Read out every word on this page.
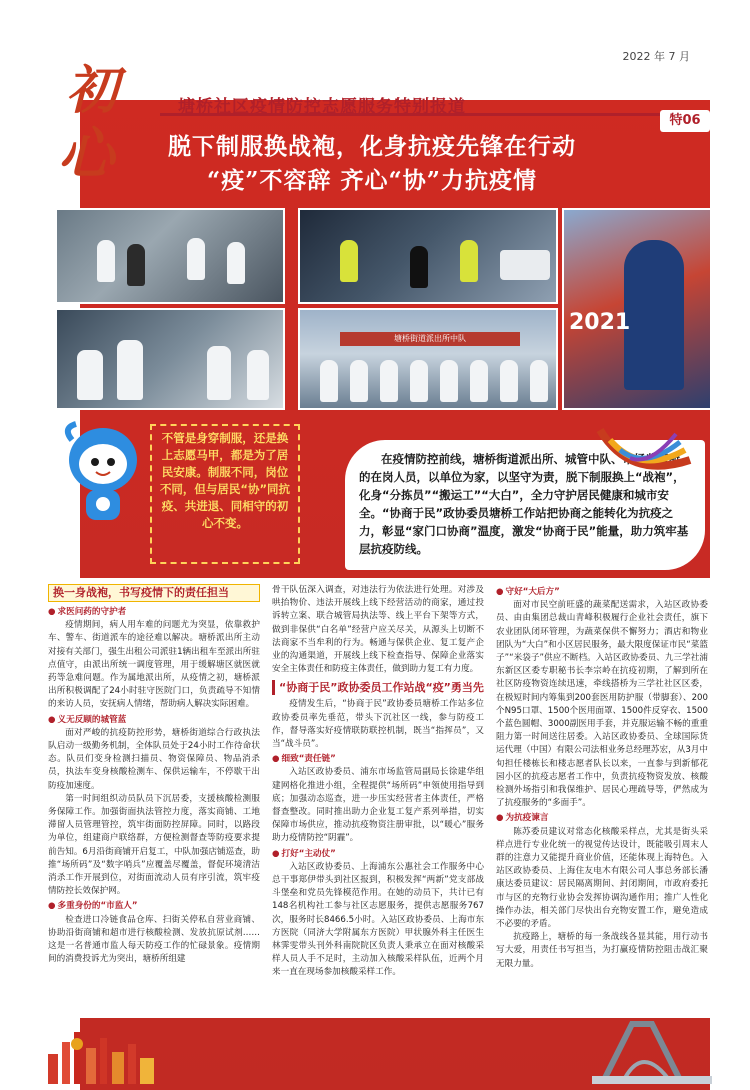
2022 年 7 月
初
心
塘桥社区疫情防控志愿服务特别报道
特06
脱下制服换战袍，化身抗疫先锋在行动
“疫”不容辞 齐心“协”力抗疫情
塘桥街道派出所中队
2021
不管是身穿制服，还是换上志愿马甲，都是为了居民安康。制服不同，岗位不同，但与居民“协”同抗疫、共进退、同相守的初心不变。
在疫情防控前线，塘桥街道派出所、城管中队、市场监管所的在岗人员，以单位为家，以坚守为责，脱下制服换上“战袍”，化身“分拣员”“搬运工”“大白”，全力守护居民健康和城市安全。“协商于民”政协委员塘桥工作站把协商之能转化为抗疫之力，彰显“家门口协商”温度，激发“协商于民”能量，助力筑牢基层抗疫防线。
换一身战袍，书写疫情下的责任担当
● 求医问药的守护者
疫情期间，病人用车难的问题尤为突显，依靠救护车、警车、街道派车的途径难以解决。塘桥派出所主动对接有关部门，强生出租公司派驻1辆出租车至派出所驻点值守，由派出所统一调度管理，用于缓解塘区就医就药等急难问题。作为属地派出所，从疫情之初，塘桥派出所积极调配了24小时驻守医院门口，负责疏导不知情的来访人员，安抚病人情绪，帮助病人解决实际困难。
● 义无反顾的城管蓝
面对严峻的抗疫防控形势，塘桥街道综合行政执法队启动一级勤务机制，全体队员处于24小时工作待命状态。队员们变身检测扫描员、物资保障员、物品消杀员，执法车变身核酸检测车、保供运输车，不停歇干出防疫加速度。
第一时间组织动员队员下沉居委，支援核酸检测服务保障工作。加强街面执法管控力度，落实商铺、工地滞留人员管理管控，筑牢街面防控屏障。同时，以路段为单位，组建商户联络群，方便检测督查等防疫要求提前告知。6月沿街商铺开启复工，中队加强店铺巡查，助推“场所码”及“数字哨兵”应覆盖尽覆盖，督促环境清洁消杀工作开展到位，对街面流动人员有序引流，筑牢疫情防控长效保护网。
● 多重身份的“市监人”
检查进口冷链食品仓库、扫街关停私自营业商铺、协助沿街商铺和超市进行核酸检测、发放抗原试剂……这是一名普通市监人每天防疫工作的忙碌景象。疫情期间的消费投诉尤为突出，塘桥所组建
骨干队伍深入调查，对违法行为依法进行处理。对涉及哄抬物价、违法开展线上线下经营活动的商家，通过投诉转立案、联合城管局执法等、线上平台下架等方式，做到非保供“白名单”经营户应关尽关，从源头上切断不法商家不当牟利的行为。畅通与保供企业、复工复产企业的沟通渠道，开展线上线下检查指导、保障企业落实安全主体责任和防疫主体责任，做到助力复工有力度。
“协商于民”政协委员工作站战“疫”勇当先
疫情发生后，“协商于民”政协委员塘桥工作站多位政协委员率先垂范，带头下沉社区一线，参与防疫工作，督导落实好疫情联防联控机制，既当“指挥员”，又当“战斗员”。
● 细致“责任链”
入站区政协委员、浦东市场监管局副局长徐建华组建网格化推进小组，全程提供“场所码”申领使用指导到底；加强动态巡查，进一步压实经营者主体责任，严格督查整改。同时推出助力企业复工复产系列举措，切实保障市场供应，推动抗疫物资注册审批，以“暖心”服务助力疫情防控“阴霾”。
● 打好“主动仗”
入站区政协委员、上海浦东公惠社会工作服务中心总干事郑伊带头到社区报到，积极发挥“两新”党支部战斗堡垒和党员先锋模范作用。在她的动员下，共计已有148名机构社工参与社区志愿服务，提供志愿服务767次，服务时长8466.5小时。入站区政协委员、上海市东方医院（同济大学附属东方医院）甲状腺外科主任医生林霁雯带头刊外科南院院区负责人秉承立在面对核酸采样人员人手不足时，主动加入核酸采样队伍，近两个月来一直在现场参加核酸采样工作。
● 守好“大后方”
面对市民空前旺盛的蔬菜配送需求，入站区政协委员、由由集团总裁山青峰积极履行企业社会责任，旗下农业团队闭环管理，为蔬菜保供不懈努力；酒店和物业团队为“大白”和小区居民服务，最大限度保证市民“菜篮子”“米袋子”供应不断档。入站区政协委员、九三学社浦东新区区委专职秘书长李宗岭在抗疫初期，了解到所在社区防疫物资连续迅速，牵线搭桥为三学社社区区委，在极短时间内筹集到200套医用防护服（带脚套）、200个N95口罩、1500个医用面罩、1500件反穿衣、1500个蓝色圆帽、3000副医用手套，并克服运输不畅的重重阻力第一时间送往居委。入站区政协委员、全球国际货运代理（中国）有限公司法相业务总经理苏宏，从3月中旬担任楼栋长和楼志愿者队长以来，一直参与到新郁花园小区的抗疫志愿者工作中，负责抗疫物资发放、核酸检测外场指引和我保维护、居民心理疏导等，俨然成为了抗疫服务的“多面手”。
● 为抗疫谏言
陈苏委员建议对常态化核酸采样点，尤其是街头采样点进行专业化统一的视觉传达设计，既能吸引周末人群的注意力又能提升商业价值，还能体现上海特色。入站区政协委员、上海住友电木有限公司人事总务部长潘康达委员建议：居民隔离期间、封闭期间，市政府委托市与区的充物行业协会发挥协调沟通作用；推广人性化操作办法，相关部门尽快出台充物安置工作，避免造成不必要的矛盾。
抗疫路上，塘桥的每一条战线各显其能，用行动书写大爱，用责任书写担当，为打赢疫情防控阻击战汇聚无限力量。
